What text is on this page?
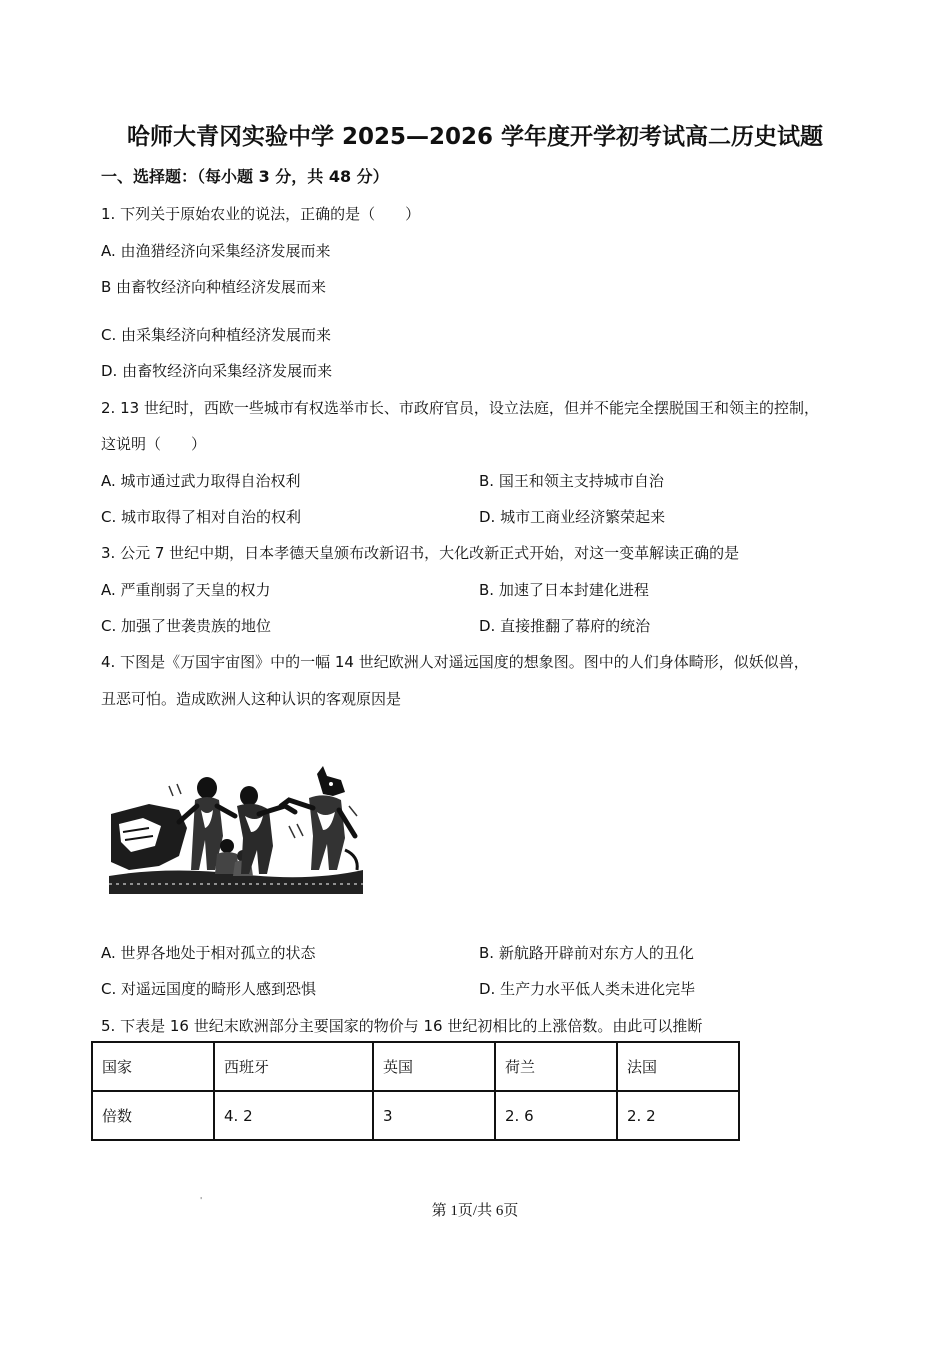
哈师大青冈实验中学 2025—2026 学年度开学初考试高二历史试题
一、选择题：（每小题 3 分，共 48 分）
1. 下列关于原始农业的说法，正确的是（　　）
A. 由渔猎经济向采集经济发展而来
B 由畜牧经济向种植经济发展而来
C. 由采集经济向种植经济发展而来
D. 由畜牧经济向采集经济发展而来
2. 13 世纪时，西欧一些城市有权选举市长、市政府官员，设立法庭，但并不能完全摆脱国王和领主的控制，
这说明（　　）
A. 城市通过武力取得自治权利	B. 国王和领主支持城市自治
C. 城市取得了相对自治的权利	D. 城市工商业经济繁荣起来
3. 公元 7 世纪中期，日本孝德天皇颁布改新诏书，大化改新正式开始，对这一变革解读正确的是
A. 严重削弱了天皇的权力	B. 加速了日本封建化进程
C. 加强了世袭贵族的地位	D. 直接推翻了幕府的统治
4. 下图是《万国宇宙图》中的一幅 14 世纪欧洲人对遥远国度的想象图。图中的人们身体畸形，似妖似兽，
丑恶可怕。造成欧洲人这种认识的客观原因是
A. 世界各地处于相对孤立的状态	B. 新航路开辟前对东方人的丑化
C. 对遥远国度的畸形人感到恐惧	D. 生产力水平低人类未进化完毕
5. 下表是 16 世纪末欧洲部分主要国家的物价与 16 世纪初相比的上涨倍数。由此可以推断
国家	西班牙	英国	荷兰	法国
倍数	4. 2	3	2. 6	2. 2
'
第 1页/共 6页
